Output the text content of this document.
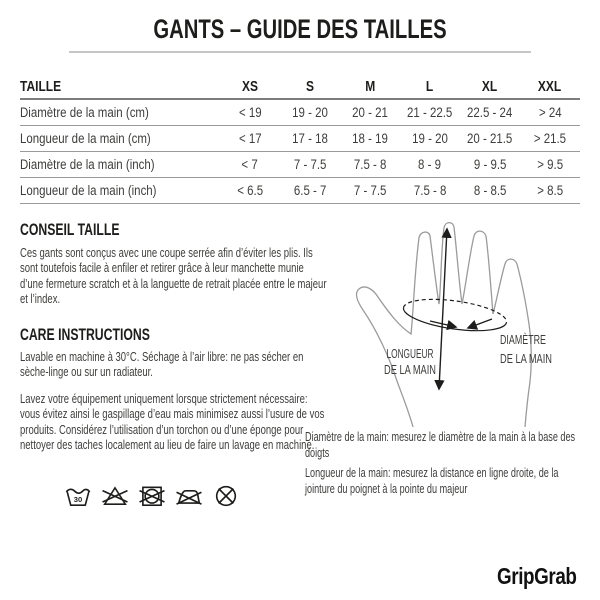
GANTS – GUIDE DES TAILLES
TAILLE	XS	S	M	L	XL	XXL
Diamètre de la main (cm)	< 19	19 - 20	20 - 21	21 - 22.5	22.5 - 24	> 24
Longueur de la main (cm)	< 17	17 - 18	18 - 19	19 - 20	20 - 21.5	> 21.5
Diamètre de la main (inch)	< 7	7 - 7.5	7.5 - 8	8 - 9	9 - 9.5	> 9.5
Longueur de la main (inch)	< 6.5	6.5 - 7	7 - 7.5	7.5 - 8	8 - 8.5	> 8.5
CONSEIL TAILLE
Ces gants sont conçus avec une coupe serrée afin d’éviter les plis. Ils sont toutefois facile à enfiler et retirer grâce à leur manchette munie d’une fermeture scratch et à la languette de retrait placée entre le majeur et l’index.
CARE INSTRUCTIONS
Lavable en machine à 30°C. Séchage à l’air libre: ne pas sécher en sèche-linge ou sur un radiateur.
Lavez votre équipement uniquement lorsque strictement nécessaire: vous évitez ainsi le gaspillage d’eau mais minimisez aussi l’usure de vos produits. Considérez l’utilisation d’un torchon ou d’une éponge pour nettoyer des taches localement au lieu de faire un lavage en machine.
30
LONGUEUR
DE LA MAIN
DIAMÈTRE
DE LA MAIN
Diamètre de la main: mesurez le diamètre de la main à la base des doigts
Longueur de la main: mesurez la distance en ligne droite, de la jointure du poignet à la pointe du majeur
GripGrab
